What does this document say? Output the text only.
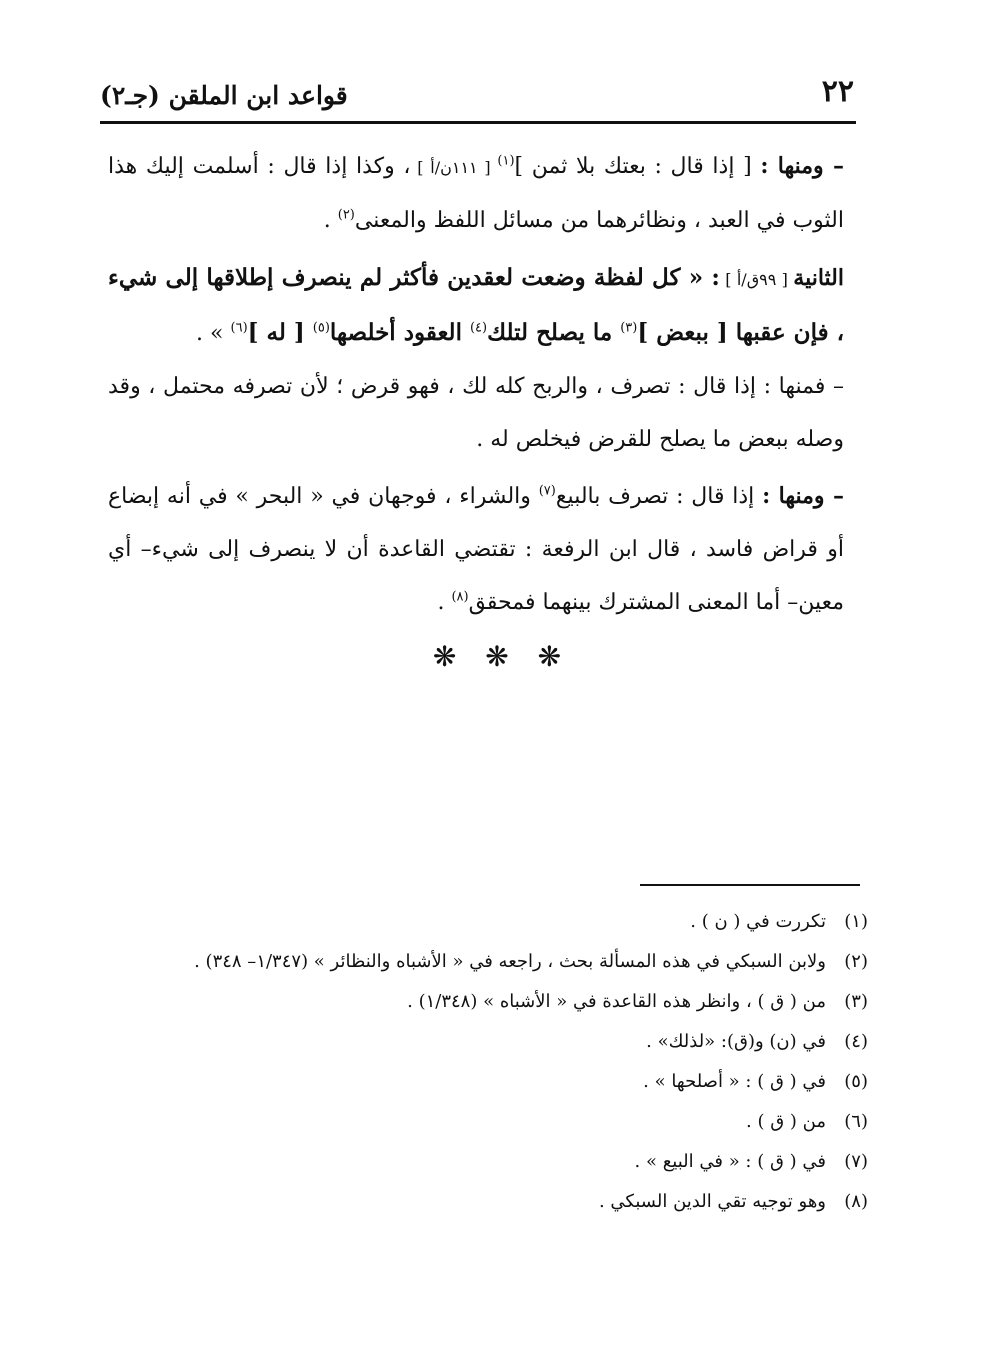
٢٢
قواعد ابن الملقن (جـ٢)

– ومنها : [ إذا قال : بعتك بلا ثمن ]$^{(١)}$ [ ١١١ن/أ ] ، وكذا إذا قال : أسلمت إليك هذا الثوب في العبد ، ونظائرهما من مسائل اللفظ والمعنى$^{(٢)}$ .

الثانية [ ٩٩ق/أ ] : « كل لفظة وضعت لعقدين فأكثر لم ينصرف إطلاقها إلى شيء ، فإن عقبها [ ببعض ]$^{(٣)}$ ما يصلح لتلك$^{(٤)}$ العقود أخلصها$^{(٥)}$ [ له ]$^{(٦)}$ » .

– فمنها : إذا قال : تصرف ، والربح كله لك ، فهو قرض ؛ لأن تصرفه محتمل ، وقد وصله ببعض ما يصلح للقرض فيخلص له .

– ومنها : إذا قال : تصرف بالبيع$^{(٧)}$ والشراء ، فوجهان في « البحر » في أنه إبضاع أو قراض فاسد ، قال ابن الرفعة : تقتضي القاعدة أن لا ينصرف إلى شيء– أي معين– أما المعنى المشترك بينهما فمحقق$^{(٨)}$ .

❋ ❋ ❋
(١)تكررت في ( ن ) .
(٢)ولابن السبكي في هذه المسألة بحث ، راجعه في « الأشباه والنظائر » (١/٣٤٧– ٣٤٨) .
(٣)من ( ق ) ، وانظر هذه القاعدة في « الأشباه » (١/٣٤٨) .
(٤)في (ن) و(ق): «لذلك» .
(٥)في ( ق ) : « أصلحها » .
(٦)من ( ق ) .
(٧)في ( ق ) : « في البيع » .
(٨)وهو توجيه تقي الدين السبكي .
